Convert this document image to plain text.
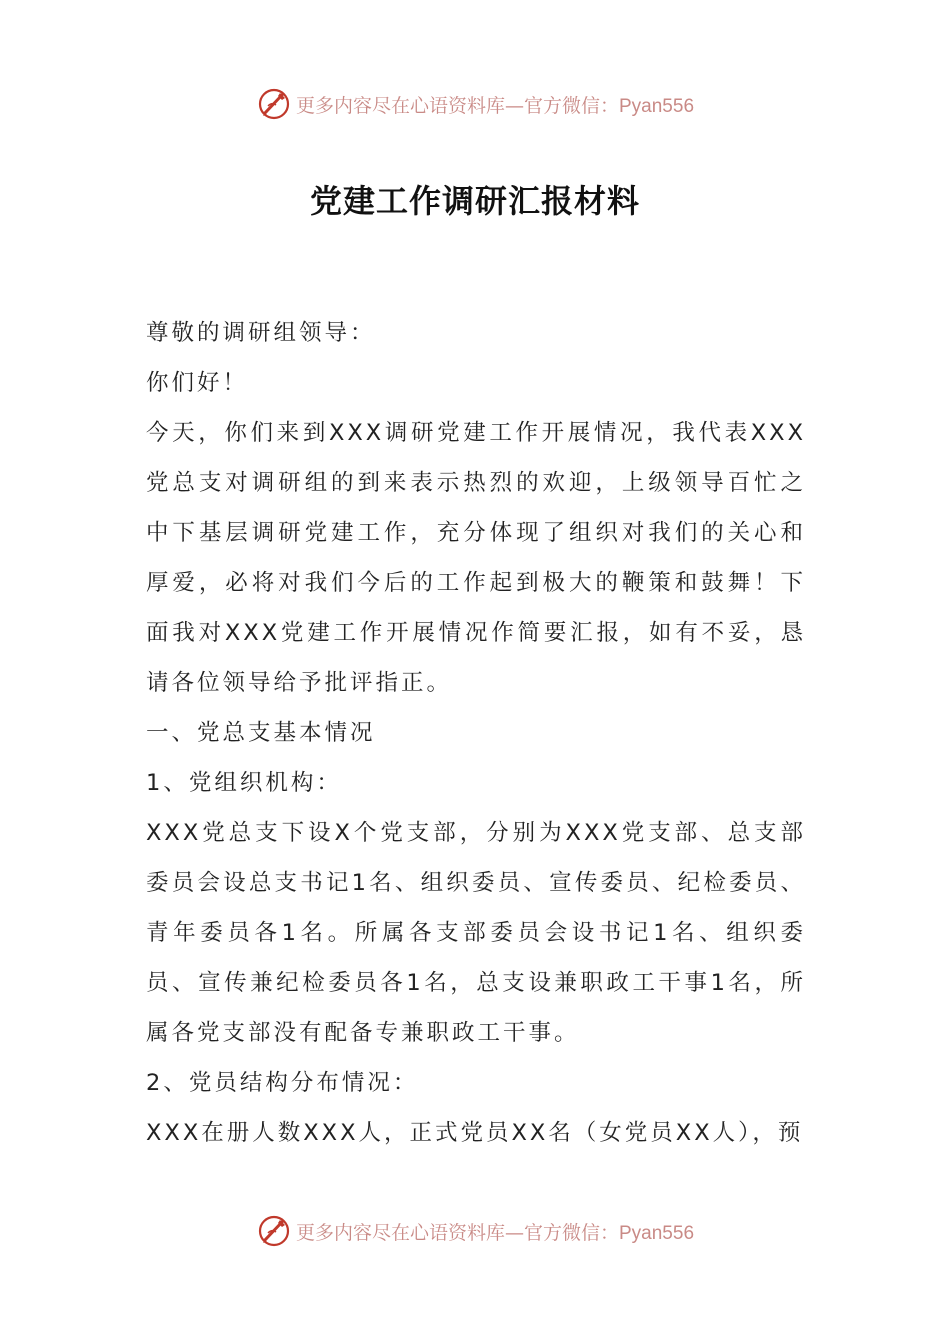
更多内容尽在心语资料库—官方微信：Pyan556
党建工作调研汇报材料

尊敬的调研组领导：

你们好！

今天，你们来到XXX调研党建工作开展情况，我代表XXX党总支对调研组的到来表示热烈的欢迎，上级领导百忙之中下基层调研党建工作，充分体现了组织对我们的关心和厚爱，必将对我们今后的工作起到极大的鞭策和鼓舞！下面我对XXX党建工作开展情况作简要汇报，如有不妥，恳请各位领导给予批评指正。

一、党总支基本情况

1、党组织机构：

XXX党总支下设X个党支部，分别为XXX党支部、总支部委员会设总支书记1名、组织委员、宣传委员、纪检委员、青年委员各1名。所属各支部委员会设书记1名、组织委员、宣传兼纪检委员各1名，总支设兼职政工干事1名，所属各党支部没有配备专兼职政工干事。

2、党员结构分布情况：

XXX在册人数XXX人，正式党员XX名（女党员XX人），预

更多内容尽在心语资料库—官方微信：Pyan556
